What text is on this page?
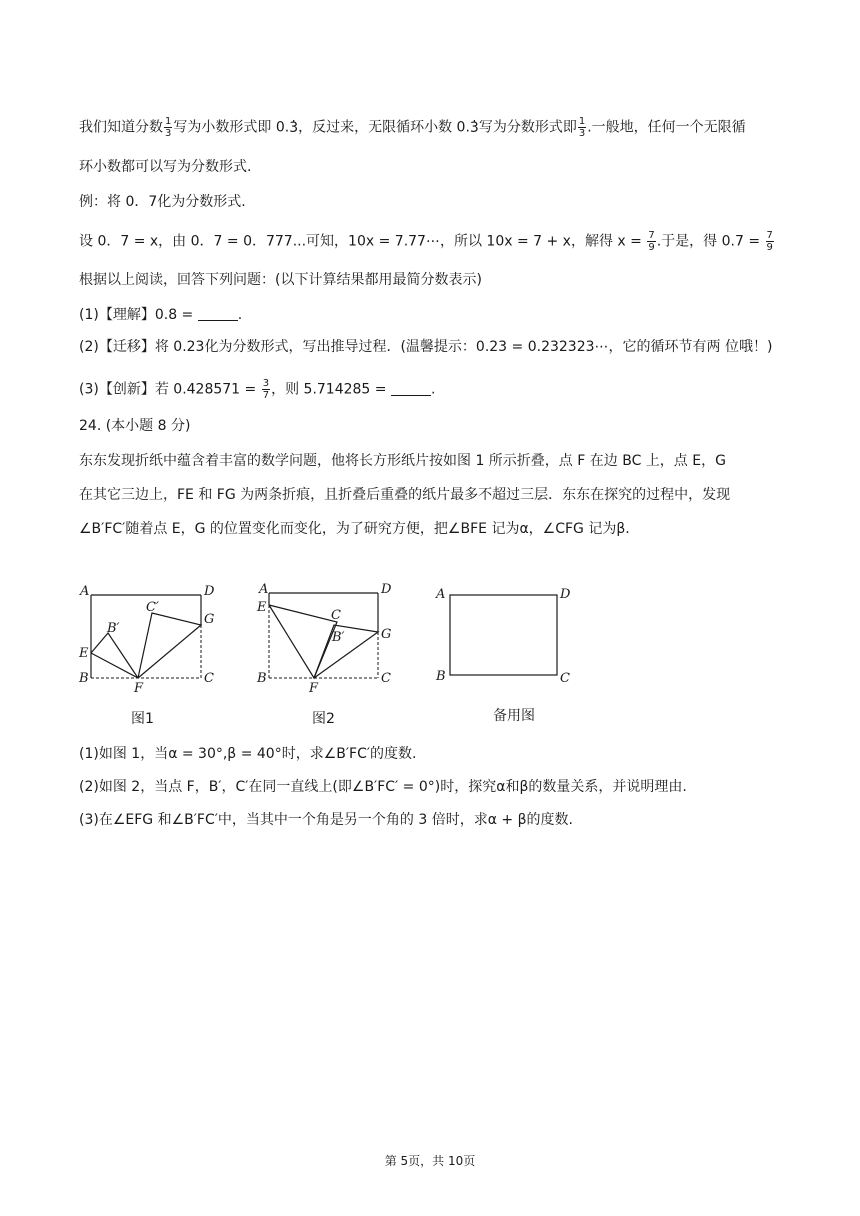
我们知道分数 $\frac{1}{3}$ 写为小数形式即 0.3 ·，反过来，无限循环小数 0.3 ·写为分数形式即 $\frac{1}{3}$ .一般地，任何一个无限循
环小数都可以写为分数形式.
例：将 0．7化为分数形式.
设 0．7 = x，由 0．7 = 0．777...可知，10x = 7.77⋯，所以 10x = 7 + x，解得 $x = \frac{7}{9}$ .于是，得 $0.7 = \frac{7}{9}$
根据以上阅读，回答下列问题：(以下计算结果都用最简分数表示)
(1)【理解】0.8 =	.
(2)【迁移】将 0.23化为分数形式，写出推导过程．(温馨提示：0.23 = 0.232323⋯，它的循环节有两 位哦！)
(3)【创新】若 $0.428571 = \frac{3}{7}$ ，则 5.714285 =	.
24. (本小题 8 分)
东东发现折纸中蕴含着丰富的数学问题，他将长方形纸片按如图 1 所示折叠，点 F 在边 BC 上，点 E，G
在其它三边上，FE 和 FG 为两条折痕，且折叠后重叠的纸片最多不超过三层．东东在探究的过程中，发现
∠B′FC′随着点 E，G 的位置变化而变化，为了研究方便，把∠BFE 记为α，∠CFG 记为β.
A	D
C′
B′
G
E
B
F
C
图1
A	D
E
C
B′	G
B
F
C
图2
A	D
B	C
备用图
(1)如图 1，当α = 30°,β = 40°时，求∠B′FC′的度数.
(2)如图 2，当点 F，B′，C′在同一直线上(即∠B′FC′ = 0°)时，探究α和β的数量关系，并说明理由.
(3)在∠EFG 和∠B′FC′中，当其中一个角是另一个角的 3 倍时，求α + β的度数.
第 5页，共 10页
